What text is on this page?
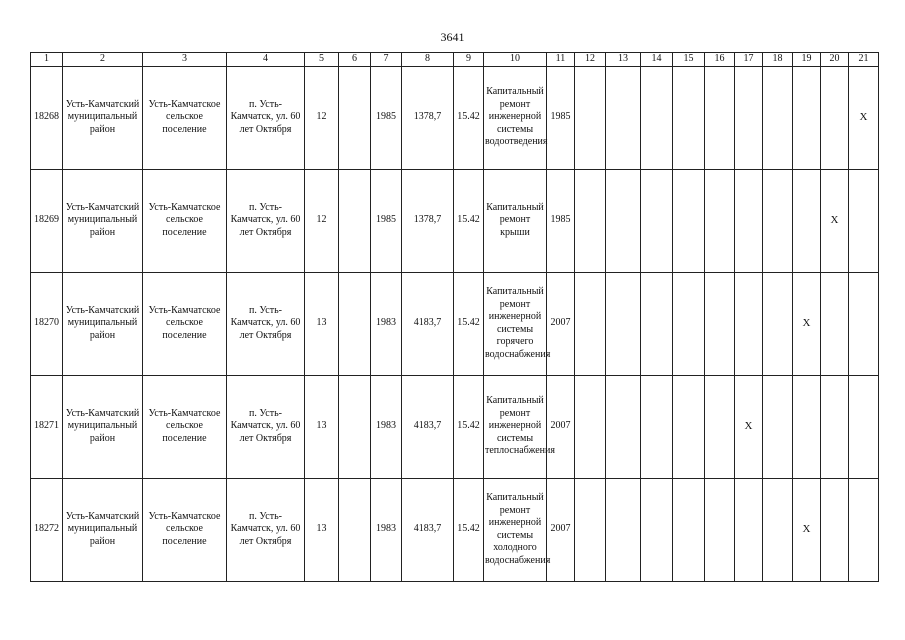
3641
1	2	3	4	5	6	7	8	9	10	11	12	13	14	15	16	17	18	19	20	21
18268	Усть-Камчатский муниципальный район	Усть-Камчатское сельское поселение	п. Усть-Камчатск, ул. 60 лет Октября	12		1985	1378,7	15.42	Капитальный ремонт инженерной системы водоотведения	1985										X
18269	Усть-Камчатский муниципальный район	Усть-Камчатское сельское поселение	п. Усть-Камчатск, ул. 60 лет Октября	12		1985	1378,7	15.42	Капитальный ремонт крыши	1985									X	
18270	Усть-Камчатский муниципальный район	Усть-Камчатское сельское поселение	п. Усть-Камчатск, ул. 60 лет Октября	13		1983	4183,7	15.42	Капитальный ремонт инженерной системы горячего водоснабжения	2007								X		
18271	Усть-Камчатский муниципальный район	Усть-Камчатское сельское поселение	п. Усть-Камчатск, ул. 60 лет Октября	13		1983	4183,7	15.42	Капитальный ремонт инженерной системы теплоснабжения	2007						X				
18272	Усть-Камчатский муниципальный район	Усть-Камчатское сельское поселение	п. Усть-Камчатск, ул. 60 лет Октября	13		1983	4183,7	15.42	Капитальный ремонт инженерной системы холодного водоснабжения	2007								X		
